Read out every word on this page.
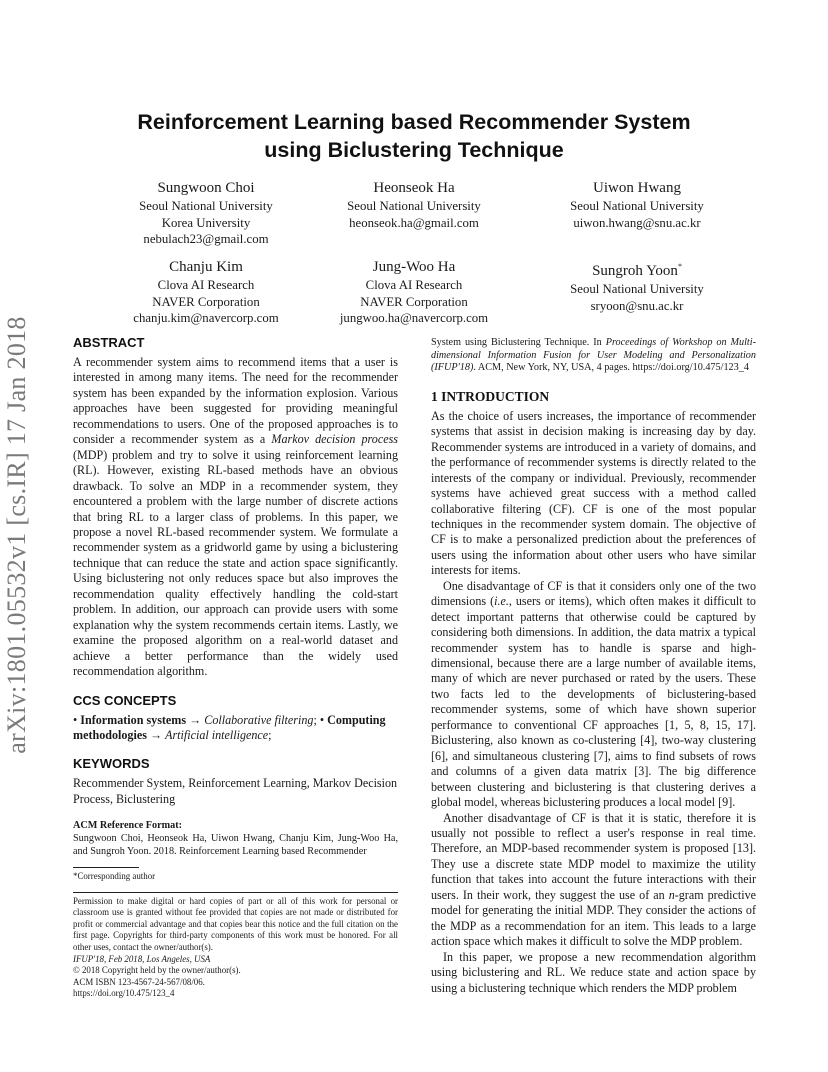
arXiv:1801.05532v1 [cs.IR] 17 Jan 2018
Reinforcement Learning based Recommender System
using Biclustering Technique
Sungwoon Choi
Seoul National University
Korea University
nebulach23@gmail.com
Heonseok Ha
Seoul National University
heonseok.ha@gmail.com
Uiwon Hwang
Seoul National University
uiwon.hwang@snu.ac.kr
Chanju Kim
Clova AI Research
NAVER Corporation
chanju.kim@navercorp.com
Jung-Woo Ha
Clova AI Research
NAVER Corporation
jungwoo.ha@navercorp.com
Sungroh Yoon*
Seoul National University
sryoon@snu.ac.kr
ABSTRACT

A recommender system aims to recommend items that a user is interested in among many items. The need for the recommender system has been expanded by the information explosion. Various approaches have been suggested for providing meaningful recommendations to users. One of the proposed approaches is to consider a recommender system as a Markov decision process (MDP) problem and try to solve it using reinforcement learning (RL). However, existing RL-based methods have an obvious drawback. To solve an MDP in a recommender system, they encountered a problem with the large number of discrete actions that bring RL to a larger class of problems. In this paper, we propose a novel RL-based recommender system. We formulate a recommender system as a gridworld game by using a biclustering technique that can reduce the state and action space significantly. Using biclustering not only reduces space but also improves the recommendation quality effectively handling the cold-start problem. In addition, our approach can provide users with some explanation why the system recommends certain items. Lastly, we examine the proposed algorithm on a real-world dataset and achieve a better performance than the widely used recommendation algorithm.

CCS CONCEPTS

• Information systems → Collaborative filtering; • Computing methodologies → Artificial intelligence;

KEYWORDS

Recommender System, Reinforcement Learning, Markov Decision Process, Biclustering

ACM Reference Format:
Sungwoon Choi, Heonseok Ha, Uiwon Hwang, Chanju Kim, Jung-Woo Ha, and Sungroh Yoon. 2018. Reinforcement Learning based Recommender
*Corresponding author
Permission to make digital or hard copies of part or all of this work for personal or classroom use is granted without fee provided that copies are not made or distributed for profit or commercial advantage and that copies bear this notice and the full citation on the first page. Copyrights for third-party components of this work must be honored. For all other uses, contact the owner/author(s).
IFUP'18, Feb 2018, Los Angeles, USA
© 2018 Copyright held by the owner/author(s).
ACM ISBN 123-4567-24-567/08/06.
https://doi.org/10.475/123_4
System using Biclustering Technique. In Proceedings of Workshop on Multi-dimensional Information Fusion for User Modeling and Personalization (IFUP'18). ACM, New York, NY, USA, 4 pages. https://doi.org/10.475/123_4
1 INTRODUCTION

As the choice of users increases, the importance of recommender systems that assist in decision making is increasing day by day. Recommender systems are introduced in a variety of domains, and the performance of recommender systems is directly related to the interests of the company or individual. Previously, recommender systems have achieved great success with a method called collaborative filtering (CF). CF is one of the most popular techniques in the recommender system domain. The objective of CF is to make a personalized prediction about the preferences of users using the information about other users who have similar interests for items.

One disadvantage of CF is that it considers only one of the two dimensions (i.e., users or items), which often makes it difficult to detect important patterns that otherwise could be captured by considering both dimensions. In addition, the data matrix a typical recommender system has to handle is sparse and high-dimensional, because there are a large number of available items, many of which are never purchased or rated by the users. These two facts led to the developments of biclustering-based recommender systems, some of which have shown superior performance to conventional CF approaches [1, 5, 8, 15, 17]. Biclustering, also known as co-clustering [4], two-way clustering [6], and simultaneous clustering [7], aims to find subsets of rows and columns of a given data matrix [3]. The big difference between clustering and biclustering is that clustering derives a global model, whereas biclustering produces a local model [9].

Another disadvantage of CF is that it is static, therefore it is usually not possible to reflect a user's response in real time. Therefore, an MDP-based recommender system is proposed [13]. They use a discrete state MDP model to maximize the utility function that takes into account the future interactions with their users. In their work, they suggest the use of an n-gram predictive model for generating the initial MDP. They consider the actions of the MDP as a recommendation for an item. This leads to a large action space which makes it difficult to solve the MDP problem.

In this paper, we propose a new recommendation algorithm using biclustering and RL. We reduce state and action space by using a biclustering technique which renders the MDP problem
